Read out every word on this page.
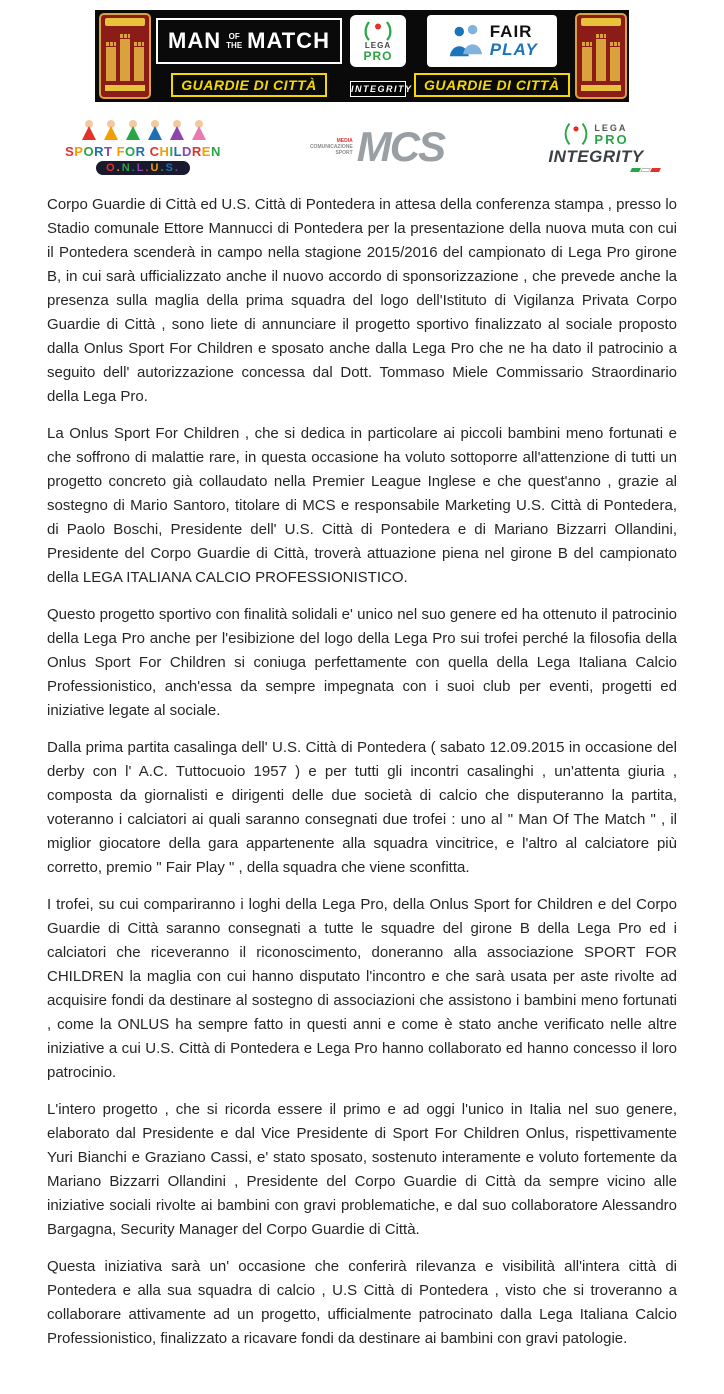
MAN OF
THE MATCH
GUARDIE DI CITTÀ
LEGA
PRO
INTEGRITY
FAIR
PLAY
GUARDIE DI CITTÀ
SPORT FOR CHILDREN
O.N.L.U.S.
MEDIA
COMUNICAZIONE
SPORT MCS	LEGA
PRO
INTEGRITY

Corpo Guardie di Città ed U.S. Città di Pontedera in attesa della conferenza stampa , presso lo Stadio comunale Ettore Mannucci di Pontedera per la presentazione della nuova muta con cui il Pontedera scenderà in campo nella stagione 2015/2016 del campionato di Lega Pro girone B, in cui sarà ufficializzato anche il nuovo accordo di sponsorizzazione , che prevede anche la presenza sulla maglia della prima squadra del logo dell'Istituto di Vigilanza Privata Corpo Guardie di Città , sono liete di annunciare il progetto sportivo finalizzato al sociale proposto dalla Onlus Sport For Children e sposato anche dalla Lega Pro che ne ha dato il patrocinio a seguito dell' autorizzazione concessa dal Dott. Tommaso Miele Commissario Straordinario della Lega Pro.

La Onlus Sport For Children , che si dedica in particolare ai piccoli bambini meno fortunati e che soffrono di malattie rare, in questa occasione ha voluto sottoporre all'attenzione di tutti un progetto concreto già collaudato nella Premier League Inglese e che quest'anno , grazie al sostegno di Mario Santoro, titolare di MCS e responsabile Marketing U.S. Città di Pontedera, di Paolo Boschi, Presidente dell' U.S. Città di Pontedera e di Mariano Bizzarri Ollandini, Presidente del Corpo Guardie di Città, troverà attuazione piena nel girone B del campionato della LEGA ITALIANA CALCIO PROFESSIONISTICO.

Questo progetto sportivo con finalità solidali e' unico nel suo genere ed ha ottenuto il patrocinio della Lega Pro anche per l'esibizione del logo della Lega Pro sui trofei perché la filosofia della Onlus Sport For Children si coniuga perfettamente con quella della Lega Italiana Calcio Professionistico, anch'essa da sempre impegnata con i suoi club per eventi, progetti ed iniziative legate al sociale.

Dalla prima partita casalinga dell' U.S. Città di Pontedera ( sabato 12.09.2015 in occasione del derby con l' A.C. Tuttocuoio 1957 ) e per tutti gli incontri casalinghi , un'attenta giuria , composta da giornalisti e dirigenti delle due società di calcio che disputeranno la partita, voteranno i calciatori ai quali saranno consegnati due trofei : uno al " Man Of The Match " , il miglior giocatore della gara appartenente alla squadra vincitrice, e l'altro al calciatore più corretto, premio " Fair Play " , della squadra che viene sconfitta.

I trofei, su cui compariranno i loghi della Lega Pro, della Onlus Sport for Children e del Corpo Guardie di Città saranno consegnati a tutte le squadre del girone B della Lega Pro ed i calciatori che riceveranno il riconoscimento, doneranno alla associazione SPORT FOR CHILDREN la maglia con cui hanno disputato l'incontro e che sarà usata per aste rivolte ad acquisire fondi da destinare al sostegno di associazioni che assistono i bambini meno fortunati , come la ONLUS ha sempre fatto in questi anni e come è stato anche verificato nelle altre iniziative a cui U.S. Città di Pontedera e Lega Pro hanno collaborato ed hanno concesso il loro patrocinio.

L'intero progetto , che si ricorda essere il primo e ad oggi l'unico in Italia nel suo genere, elaborato dal Presidente e dal Vice Presidente di Sport For Children Onlus, rispettivamente Yuri Bianchi e Graziano Cassi, e' stato sposato, sostenuto interamente e voluto fortemente da Mariano Bizzarri Ollandini , Presidente del Corpo Guardie di Città da sempre vicino alle iniziative sociali rivolte ai bambini con gravi problematiche, e dal suo collaboratore Alessandro Bargagna, Security Manager del Corpo Guardie di Città.

Questa iniziativa sarà un' occasione che conferirà rilevanza e visibilità all'intera città di Pontedera e alla sua squadra di calcio , U.S Città di Pontedera , visto che si troveranno a collaborare attivamente ad un progetto, ufficialmente patrocinato dalla Lega Italiana Calcio Professionistico, finalizzato a ricavare fondi da destinare ai bambini con gravi patologie.
